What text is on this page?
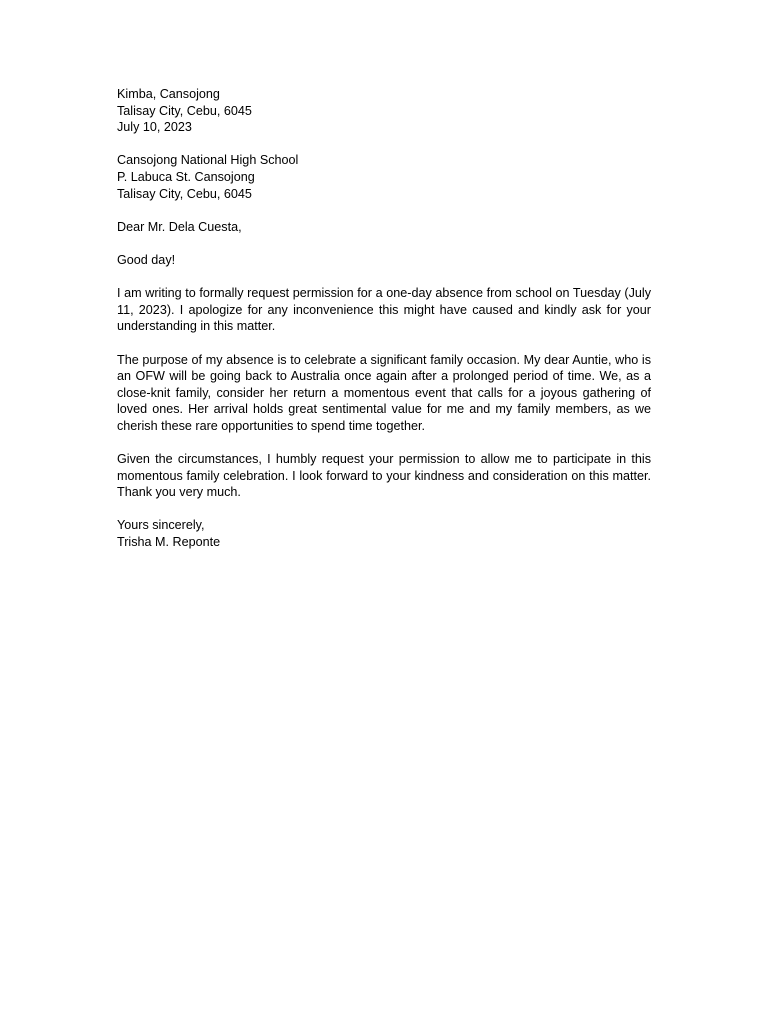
Kimba, Cansojong
Talisay City, Cebu, 6045
July 10, 2023
Cansojong National High School
P. Labuca St. Cansojong
Talisay City, Cebu, 6045

Dear Mr. Dela Cuesta,

Good day!

I am writing to formally request permission for a one-day absence from school on Tuesday (July 11, 2023). I apologize for any inconvenience this might have caused and kindly ask for your understanding in this matter.

The purpose of my absence is to celebrate a significant family occasion. My dear Auntie, who is an OFW will be going back to Australia once again after a prolonged period of time. We, as a close-knit family, consider her return a momentous event that calls for a joyous gathering of loved ones. Her arrival holds great sentimental value for me and my family members, as we cherish these rare opportunities to spend time together.

Given the circumstances, I humbly request your permission to allow me to participate in this momentous family celebration. I look forward to your kindness and consideration on this matter. Thank you very much.

Yours sincerely,
Trisha M. Reponte
